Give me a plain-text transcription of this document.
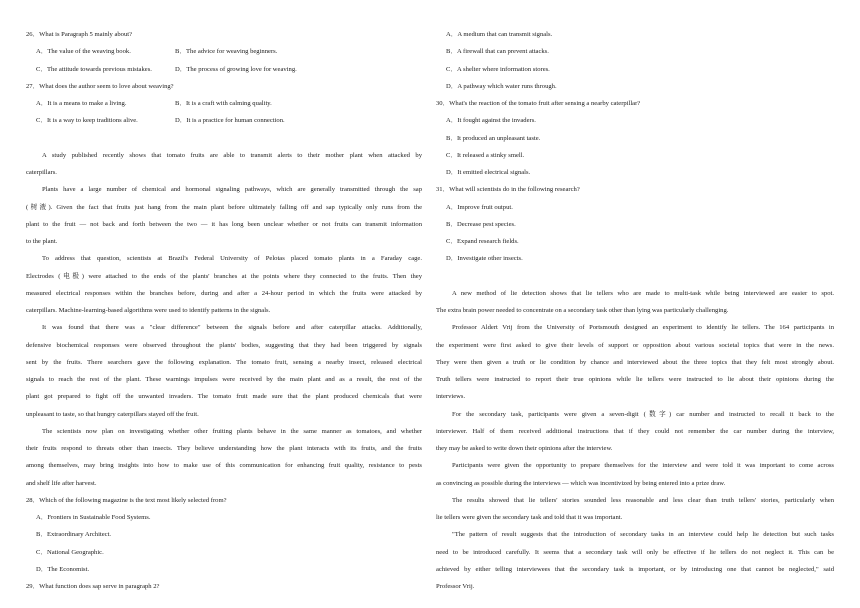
26．What is Paragraph 5 mainly about?
A．The value of the weaving book.	B．The advice for weaving beginners.
C．The attitude towards previous mistakes.	D．The process of growing love for weaving.
27．What does the author seem to love about weaving?
A．It is a means to make a living.	B．It is a craft with calming quality.
C．It is a way to keep traditions alive.	D．It is a practice for human connection.
A study published recently shows that tomato fruits are able to transmit alerts to their mother plant when attacked by
caterpillars.
Plants have a large number of chemical and hormonal signaling pathways, which are generally transmitted through the sap
(树液). Given the fact that fruits just hang from the main plant before ultimately falling off and sap typically only runs from the
plant to the fruit — not back and forth between the two — it has long been unclear whether or not fruits can transmit information
to the plant.
To address that question, scientists at Brazil's Federal University of Pelotas placed tomato plants in a Faraday cage.
Electrodes (电极) were attached to the ends of the plants' branches at the points where they connected to the fruits. Then they
measured electrical responses within the branches before, during and after a 24-hour period in which the fruits were attacked by
caterpillars. Machine-learning-based algorithms were used to identify patterns in the signals.
It was found that there was a "clear difference" between the signals before and after caterpillar attacks. Additionally,
defensive biochemical responses were observed throughout the plants' bodies, suggesting that they had been triggered by signals
sent by the fruits. There searchers gave the following explanation. The tomato fruit, sensing a nearby insect, released electrical
signals to reach the rest of the plant. These warnings impulses were received by the main plant and as a result, the rest of the
plant got prepared to fight off the unwanted invaders. The tomato fruit made sure that the plant produced chemicals that were
unpleasant to taste, so that hungry caterpillars stayed off the fruit.
The scientists now plan on investigating whether other fruiting plants behave in the same manner as tomatoes, and whether
their fruits respond to threats other than insects. They believe understanding how the plant interacts with its fruits, and the fruits
among themselves, may bring insights into how to make use of this communication for enhancing fruit quality, resistance to pests
and shelf life after harvest.
28．Which of the following magazine is the text most likely selected from?
A．Frontiers in Sustainable Food Systems.
B．Extraordinary Architect.
C．National Geographic.
D．The Economist.
29．What function does sap serve in paragraph 2?
A．A medium that can transmit signals.
B．A firewall that can prevent attacks.
C．A shelter where information stores.
D．A pathway which water runs through.
30．What's the reaction of the tomato fruit after sensing a nearby caterpillar?
A．It fought against the invaders.
B．It produced an unpleasant taste.
C．It released a stinky smell.
D．It emitted electrical signals.
31．What will scientists do in the following research?
A．Improve fruit output.
B．Decrease pest species.
C．Expand research fields.
D．Investigate other insects.
A new method of lie detection shows that lie tellers who are made to multi-task while being interviewed are easier to spot.
The extra brain power needed to concentrate on a secondary task other than lying was particularly challenging.
Professor Aldert Vrij from the University of Portsmouth designed an experiment to identify lie tellers. The 164 participants in
the experiment were first asked to give their levels of support or opposition about various societal topics that were in the news.
They were then given a truth or lie condition by chance and interviewed about the three topics that they felt most strongly about.
Truth tellers were instructed to report their true opinions while lie tellers were instructed to lie about their opinions during the
interviews.
For the secondary task, participants were given a seven-digit (数字) car number and instructed to recall it back to the
interviewer. Half of them received additional instructions that if they could not remember the car number during the interview,
they may be asked to write down their opinions after the interview.
Participants were given the opportunity to prepare themselves for the interview and were told it was important to come across
as convincing as possible during the interviews — which was incentivized by being entered into a prize draw.
The results showed that lie tellers' stories sounded less reasonable and less clear than truth tellers' stories, particularly when
lie tellers were given the secondary task and told that it was important.
"The pattern of result suggests that the introduction of secondary tasks in an interview could help lie detection but such tasks
need to be introduced carefully. It seems that a secondary task will only be effective if lie tellers do not neglect it. This can be
achieved by either telling interviewees that the secondary task is important, or by introducing one that cannot be neglected," said
Professor Vrij.
